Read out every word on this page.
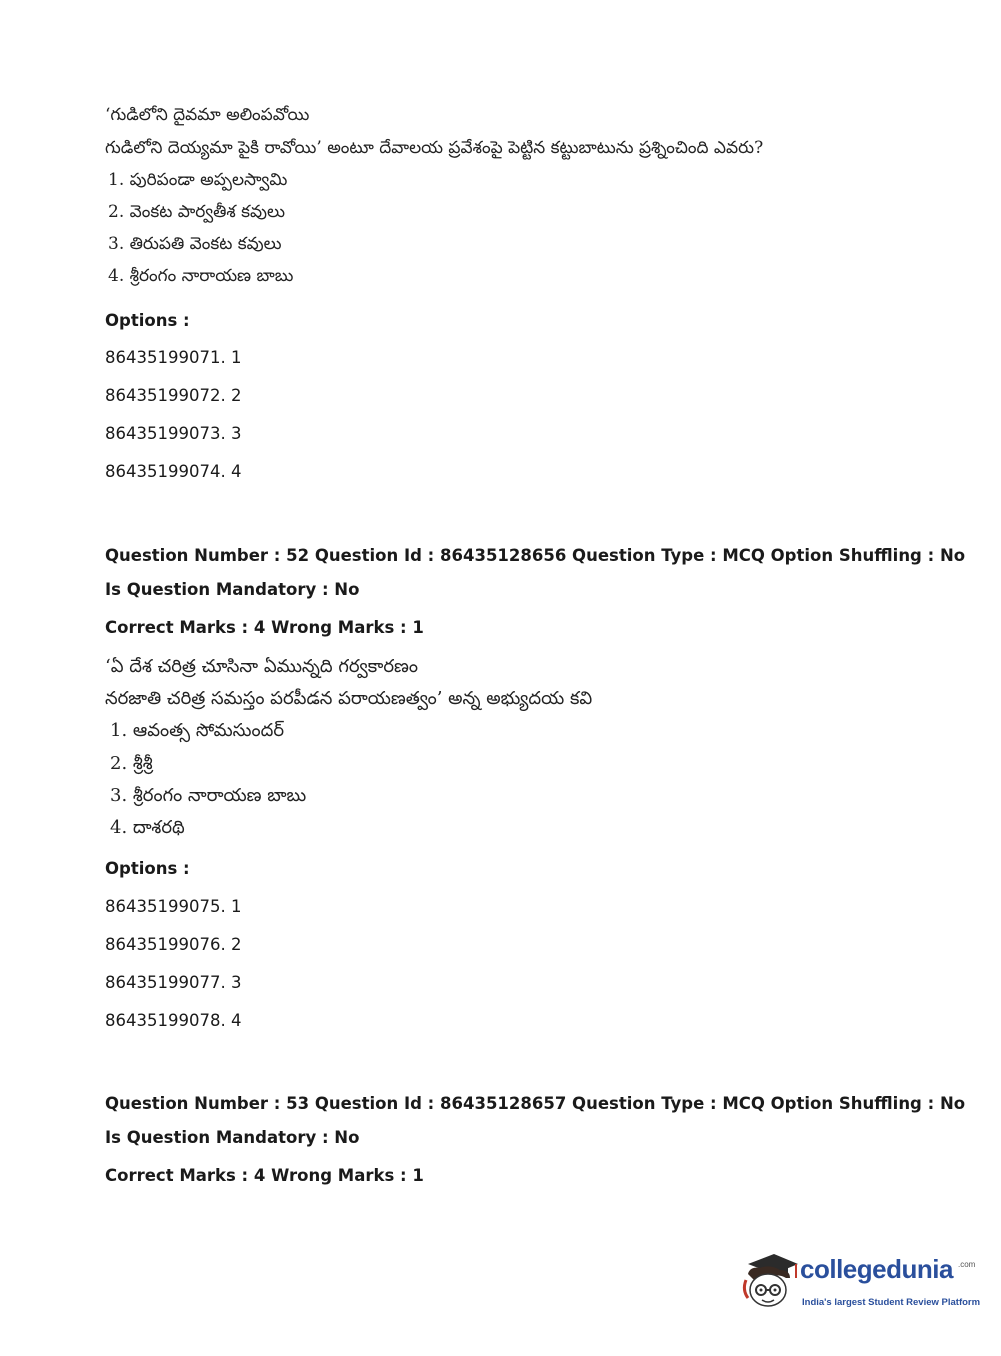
‘గుడిలోని దైవమా అలింపవోయి
గుడిలోని దెయ్యమా పైకి రావోయి’ అంటూ దేవాలయ ప్రవేశంపై పెట్టిన కట్టుబాటును ప్రశ్నించింది ఎవరు?
1. పురిపండా అప్పలస్వామి
2. వెంకట పార్వతీశ కవులు
3. తిరుపతి వెంకట కవులు
4. శ్రీరంగం నారాయణ బాబు
Options :
86435199071. 1
86435199072. 2
86435199073. 3
86435199074. 4
Question Number : 52 Question Id : 86435128656 Question Type : MCQ Option Shuffling : No
Is Question Mandatory : No
Correct Marks : 4 Wrong Marks : 1
‘ఏ దేశ చరిత్ర చూసినా ఏమున్నది గర్వకారణం
నరజాతి చరిత్ర సమస్తం పరపీడన పరాయణత్వం’ అన్న అభ్యుదయ కవి
1. ఆవంత్స సోమసుందర్
2. శ్రీశ్రీ
3. శ్రీరంగం నారాయణ బాబు
4. దాశరథి
Options :
86435199075. 1
86435199076. 2
86435199077. 3
86435199078. 4
Question Number : 53 Question Id : 86435128657 Question Type : MCQ Option Shuffling : No
Is Question Mandatory : No
Correct Marks : 4 Wrong Marks : 1
collegedunia .com
India's largest Student Review Platform
